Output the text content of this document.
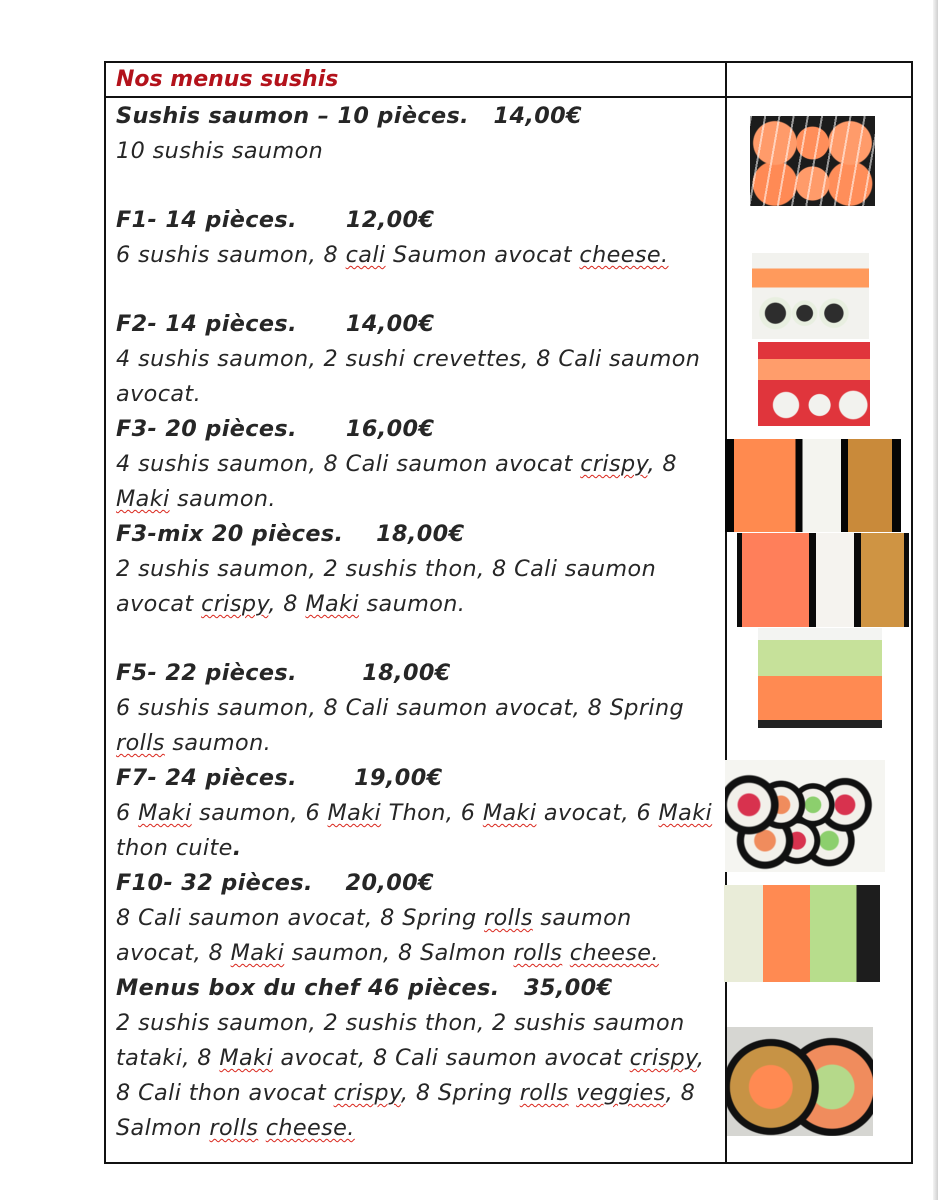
Nos menus sushis
Sushis saumon – 10 pièces.   14,00€
10 sushis saumon
F1- 14 pièces.      12,00€
6 sushis saumon, 8 cali Saumon avocat cheese.
F2- 14 pièces.      14,00€
4 sushis saumon, 2 sushi crevettes, 8 Cali saumon avocat.
F3- 20 pièces.      16,00€
4 sushis saumon, 8 Cali saumon avocat crispy, 8 Maki saumon.
F3-mix 20 pièces.    18,00€
2 sushis saumon, 2 sushis thon, 8 Cali saumon avocat crispy, 8 Maki saumon.
F5- 22 pièces.        18,00€
6 sushis saumon, 8 Cali saumon avocat, 8 Spring rolls saumon.
F7- 24 pièces.       19,00€
6 Maki saumon, 6 Maki Thon, 6 Maki avocat, 6 Maki thon cuite.
F10- 32 pièces.    20,00€
8 Cali saumon avocat, 8 Spring rolls saumon avocat, 8 Maki saumon, 8 Salmon rolls cheese.
Menus box du chef 46 pièces.   35,00€
2 sushis saumon, 2 sushis thon, 2 sushis saumon tataki, 8 Maki avocat, 8 Cali saumon avocat crispy, 8 Cali thon avocat crispy, 8 Spring rolls veggies, 8 Salmon rolls cheese.
